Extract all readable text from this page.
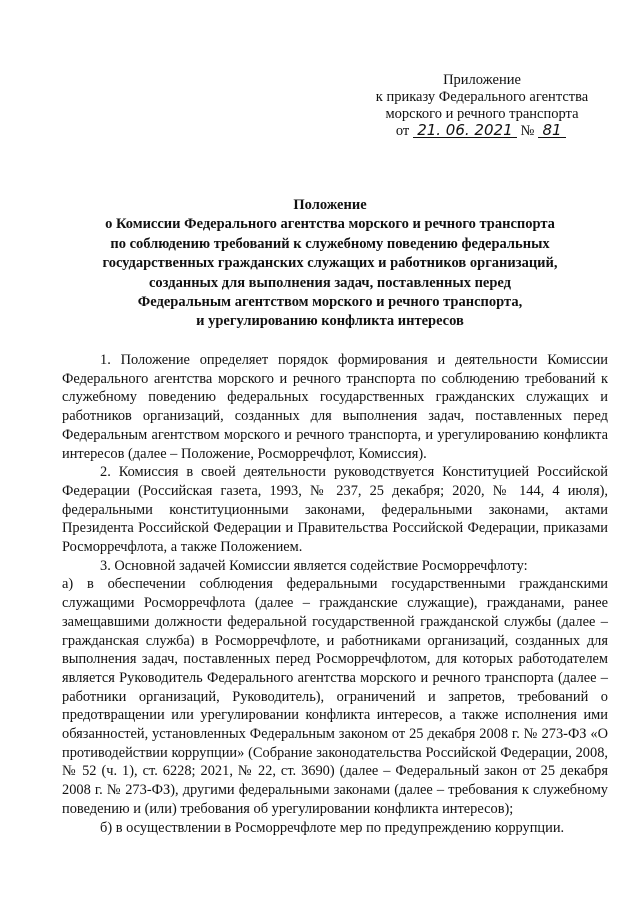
Приложение
к приказу Федерального агентства
морского и речного транспорта
от 21. 06. 2021 № 81
Положение
о Комиссии Федерального агентства морского и речного транспорта
по соблюдению требований к служебному поведению федеральных
государственных гражданских служащих и работников организаций,
созданных для выполнения задач, поставленных перед
Федеральным агентством морского и речного транспорта,
и урегулированию конфликта интересов

1. Положение определяет порядок формирования и деятельности Комиссии Федерального агентства морского и речного транспорта по соблюдению требований к служебному поведению федеральных государственных гражданских служащих и работников организаций, созданных для выполнения задач, поставленных перед Федеральным агентством морского и речного транспорта, и урегулированию конфликта интересов (далее – Положение, Росморречфлот, Комиссия).

2. Комиссия в своей деятельности руководствуется Конституцией Российской Федерации (Российская газета, 1993, № 237, 25 декабря; 2020, № 144, 4 июля), федеральными конституционными законами, федеральными законами, актами Президента Российской Федерации и Правительства Российской Федерации, приказами Росморречфлота, а также Положением.

3. Основной задачей Комиссии является содействие Росморречфлоту:

а) в обеспечении соблюдения федеральными государственными гражданскими служащими Росморречфлота (далее – гражданские служащие), гражданами, ранее замещавшими должности федеральной государственной гражданской службы (далее – гражданская служба) в Росморречфлоте, и работниками организаций, созданных для выполнения задач, поставленных перед Росморречфлотом, для которых работодателем является Руководитель Федерального агентства морского и речного транспорта (далее – работники организаций, Руководитель), ограничений и запретов, требований о предотвращении или урегулировании конфликта интересов, а также исполнения ими обязанностей, установленных Федеральным законом от 25 декабря 2008 г. № 273-ФЗ «О противодействии коррупции» (Собрание законодательства Российской Федерации, 2008, № 52 (ч. 1), ст. 6228; 2021, № 22, ст. 3690) (далее – Федеральный закон от 25 декабря 2008 г. № 273-ФЗ), другими федеральными законами (далее – требования к служебному поведению и (или) требования об урегулировании конфликта интересов);

б) в осуществлении в Росморречфлоте мер по предупреждению коррупции.
